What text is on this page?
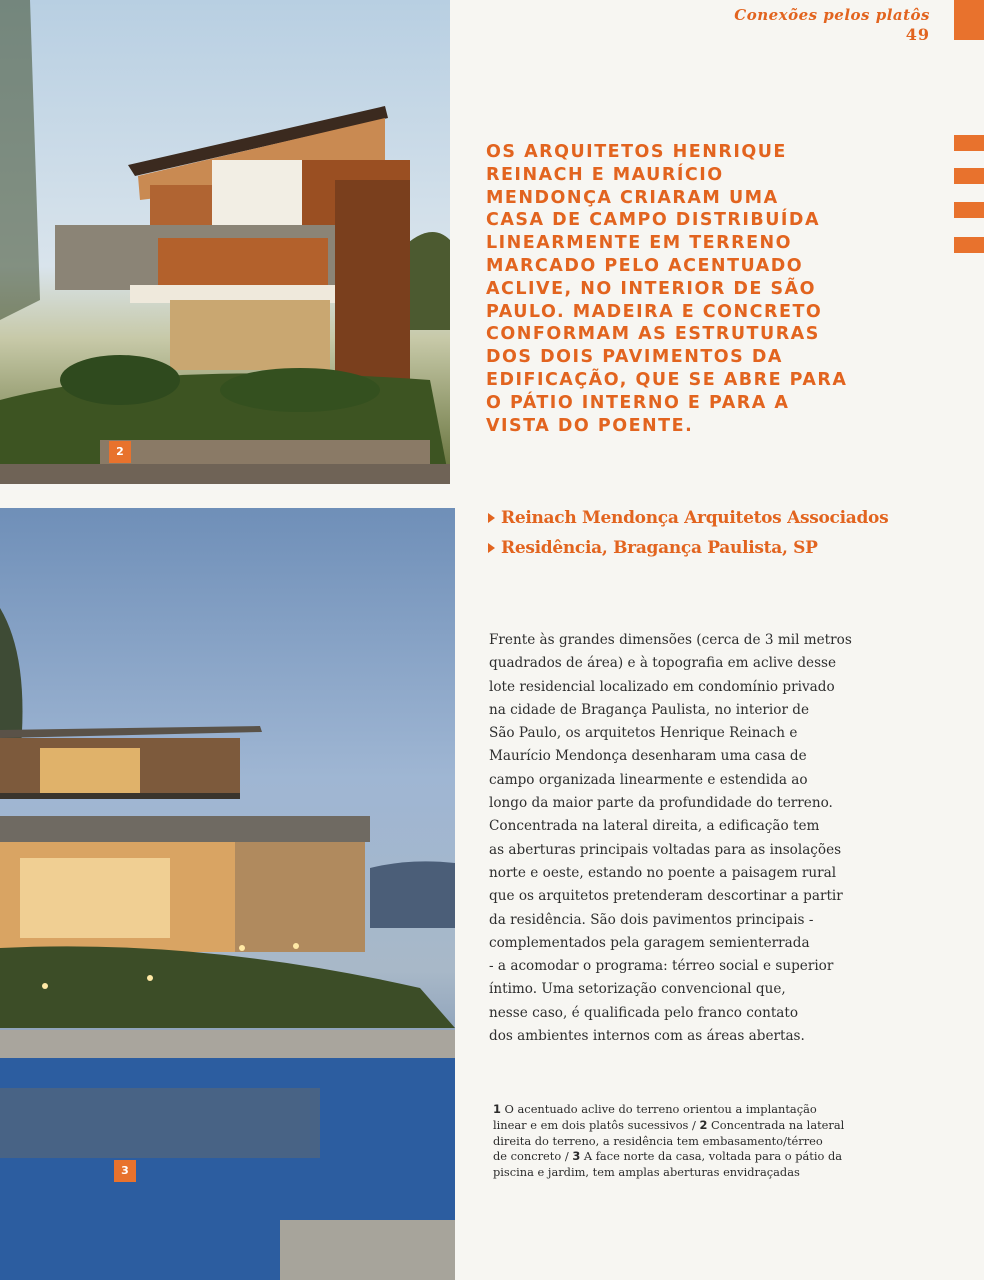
Conexões pelos platôs
49
2
3
OS ARQUITETOS HENRIQUE
REINACH E MAURÍCIO
MENDONÇA CRIARAM UMA
CASA DE CAMPO DISTRIBUÍDA
LINEARMENTE EM TERRENO
MARCADO PELO ACENTUADO
ACLIVE, NO INTERIOR DE SÃO
PAULO. MADEIRA E CONCRETO
CONFORMAM AS ESTRUTURAS
DOS DOIS PAVIMENTOS DA
EDIFICAÇÃO, QUE SE ABRE PARA
O PÁTIO INTERNO E PARA A
VISTA DO POENTE.
Reinach Mendonça Arquitetos Associados
Residência, Bragança Paulista, SP
Frente às grandes dimensões (cerca de 3 mil metros
quadrados de área) e à topografia em aclive desse
lote residencial localizado em condomínio privado
na cidade de Bragança Paulista, no interior de
São Paulo, os arquitetos Henrique Reinach e
Maurício Mendonça desenharam uma casa de
campo organizada linearmente e estendida ao
longo da maior parte da profundidade do terreno.
Concentrada na lateral direita, a edificação tem
as aberturas principais voltadas para as insolações
norte e oeste, estando no poente a paisagem rural
que os arquitetos pretenderam descortinar a partir
da residência. São dois pavimentos principais -
complementados pela garagem semienterrada
- a acomodar o programa: térreo social e superior
íntimo. Uma setorização convencional que,
nesse caso, é qualificada pelo franco contato
dos ambientes internos com as áreas abertas.
1 O acentuado aclive do terreno orientou a implantação
linear e em dois platôs sucessivos / 2 Concentrada na lateral
direita do terreno, a residência tem embasamento/térreo
de concreto / 3 A face norte da casa, voltada para o pátio da
piscina e jardim, tem amplas aberturas envidraçadas
